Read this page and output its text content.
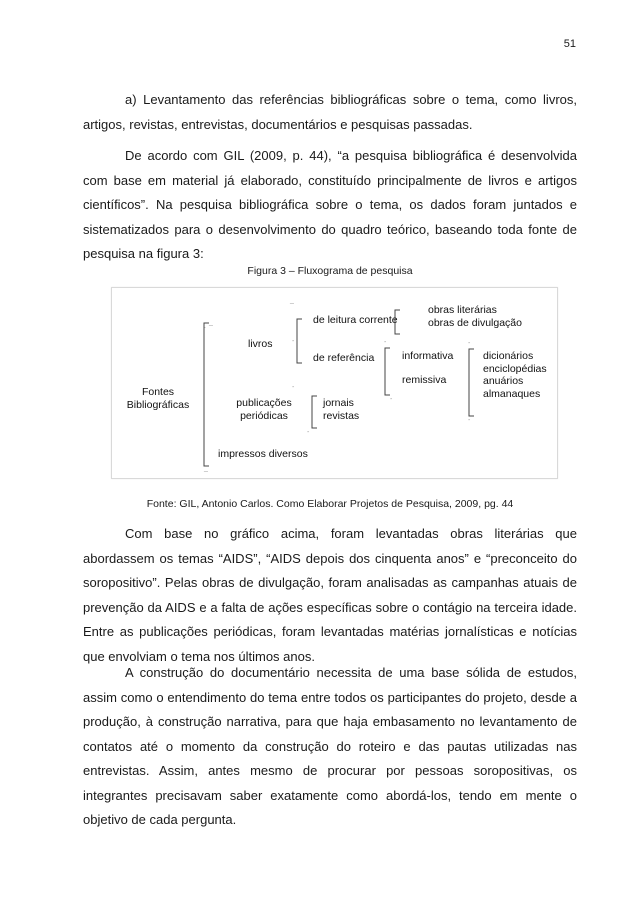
51

a) Levantamento das referências bibliográficas sobre o tema, como livros, artigos, revistas, entrevistas, documentários e pesquisas passadas.

De acordo com GIL (2009, p. 44), “a pesquisa bibliográfica é desenvolvida com base em material já elaborado, constituído principalmente de livros e artigos científicos”. Na pesquisa bibliográfica sobre o tema, os dados foram juntados e sistematizados para o desenvolvimento do quadro teórico, baseando toda fonte de pesquisa na figura 3:

Figura 3 – Fluxograma de pesquisa
.
_
_
-
-
-
-
-
-
-
_
Fontes
Bibliográficas
livros
publicações
periódicas
impressos diversos
de leitura corrente
de referência
obras literárias
obras de divulgação
informativa
remissiva
dicionários
enciclopédias
anuários
almanaques
jornais
revistas
Fonte: GIL, Antonio Carlos. Como Elaborar Projetos de Pesquisa, 2009, pg. 44

Com base no gráfico acima, foram levantadas obras literárias que abordassem os temas “AIDS”, “AIDS depois dos cinquenta anos” e “preconceito do soropositivo”. Pelas obras de divulgação, foram analisadas as campanhas atuais de prevenção da AIDS e a falta de ações específicas sobre o contágio na terceira idade. Entre as publicações periódicas, foram levantadas matérias jornalísticas e notícias que envolviam o tema nos últimos anos.

A construção do documentário necessita de uma base sólida de estudos, assim como o entendimento do tema entre todos os participantes do projeto, desde a produção, à construção narrativa, para que haja embasamento no levantamento de contatos até o momento da construção do roteiro e das pautas utilizadas nas entrevistas. Assim, antes mesmo de procurar por pessoas soropositivas, os integrantes precisavam saber exatamente como abordá-los, tendo em mente o objetivo de cada pergunta.
